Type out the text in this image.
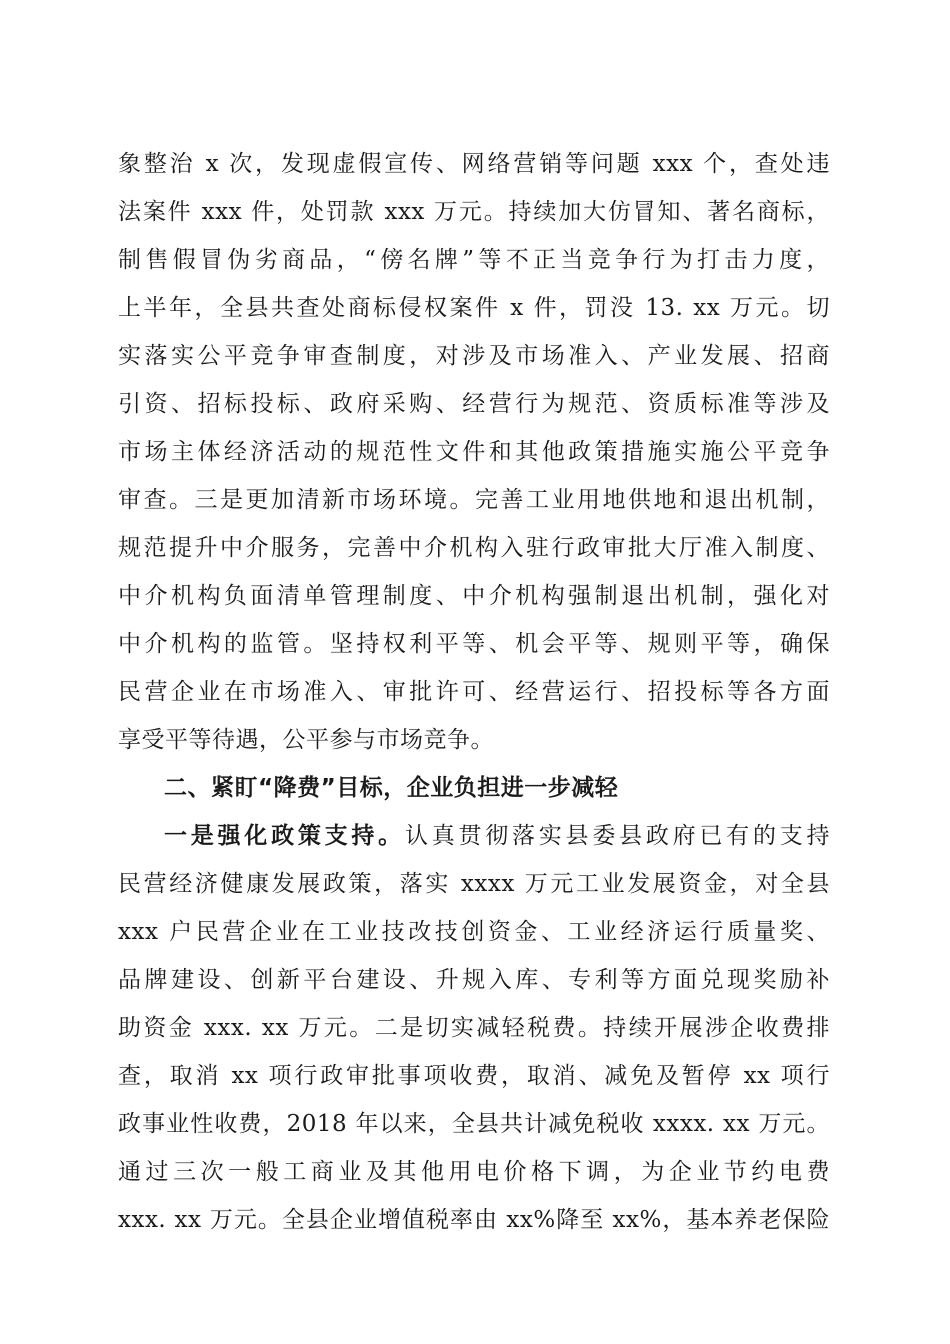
象整治 x 次，发现虚假宣传、网络营销等问题 xxx 个，查处违
法案件 xxx 件，处罚款 xxx 万元。持续加大仿冒知、著名商标，
制售假冒伪劣商品，“傍名牌”等不正当竞争行为打击力度，
上半年，全县共查处商标侵权案件 x 件，罚没 13. xx 万元。切
实落实公平竞争审查制度，对涉及市场准入、产业发展、招商
引资、招标投标、政府采购、经营行为规范、资质标准等涉及
市场主体经济活动的规范性文件和其他政策措施实施公平竞争
审查。三是更加清新市场环境。完善工业用地供地和退出机制，
规范提升中介服务，完善中介机构入驻行政审批大厅准入制度、
中介机构负面清单管理制度、中介机构强制退出机制，强化对
中介机构的监管。坚持权利平等、机会平等、规则平等，确保
民营企业在市场准入、审批许可、经营运行、招投标等各方面
享受平等待遇，公平参与市场竞争。
二、紧盯“降费”目标，企业负担进一步减轻
一是强化政策支持。认真贯彻落实县委县政府已有的支持
民营经济健康发展政策，落实 xxxx 万元工业发展资金，对全县
xxx 户民营企业在工业技改技创资金、工业经济运行质量奖、
品牌建设、创新平台建设、升规入库、专利等方面兑现奖励补
助资金 xxx. xx 万元。二是切实减轻税费。持续开展涉企收费排
查，取消 xx 项行政审批事项收费，取消、减免及暂停 xx 项行
政事业性收费，2018 年以来，全县共计减免税收 xxxx. xx 万元。
通过三次一般工商业及其他用电价格下调，为企业节约电费
xxx. xx 万元。全县企业增值税率由 xx%降至 xx%，基本养老保险
